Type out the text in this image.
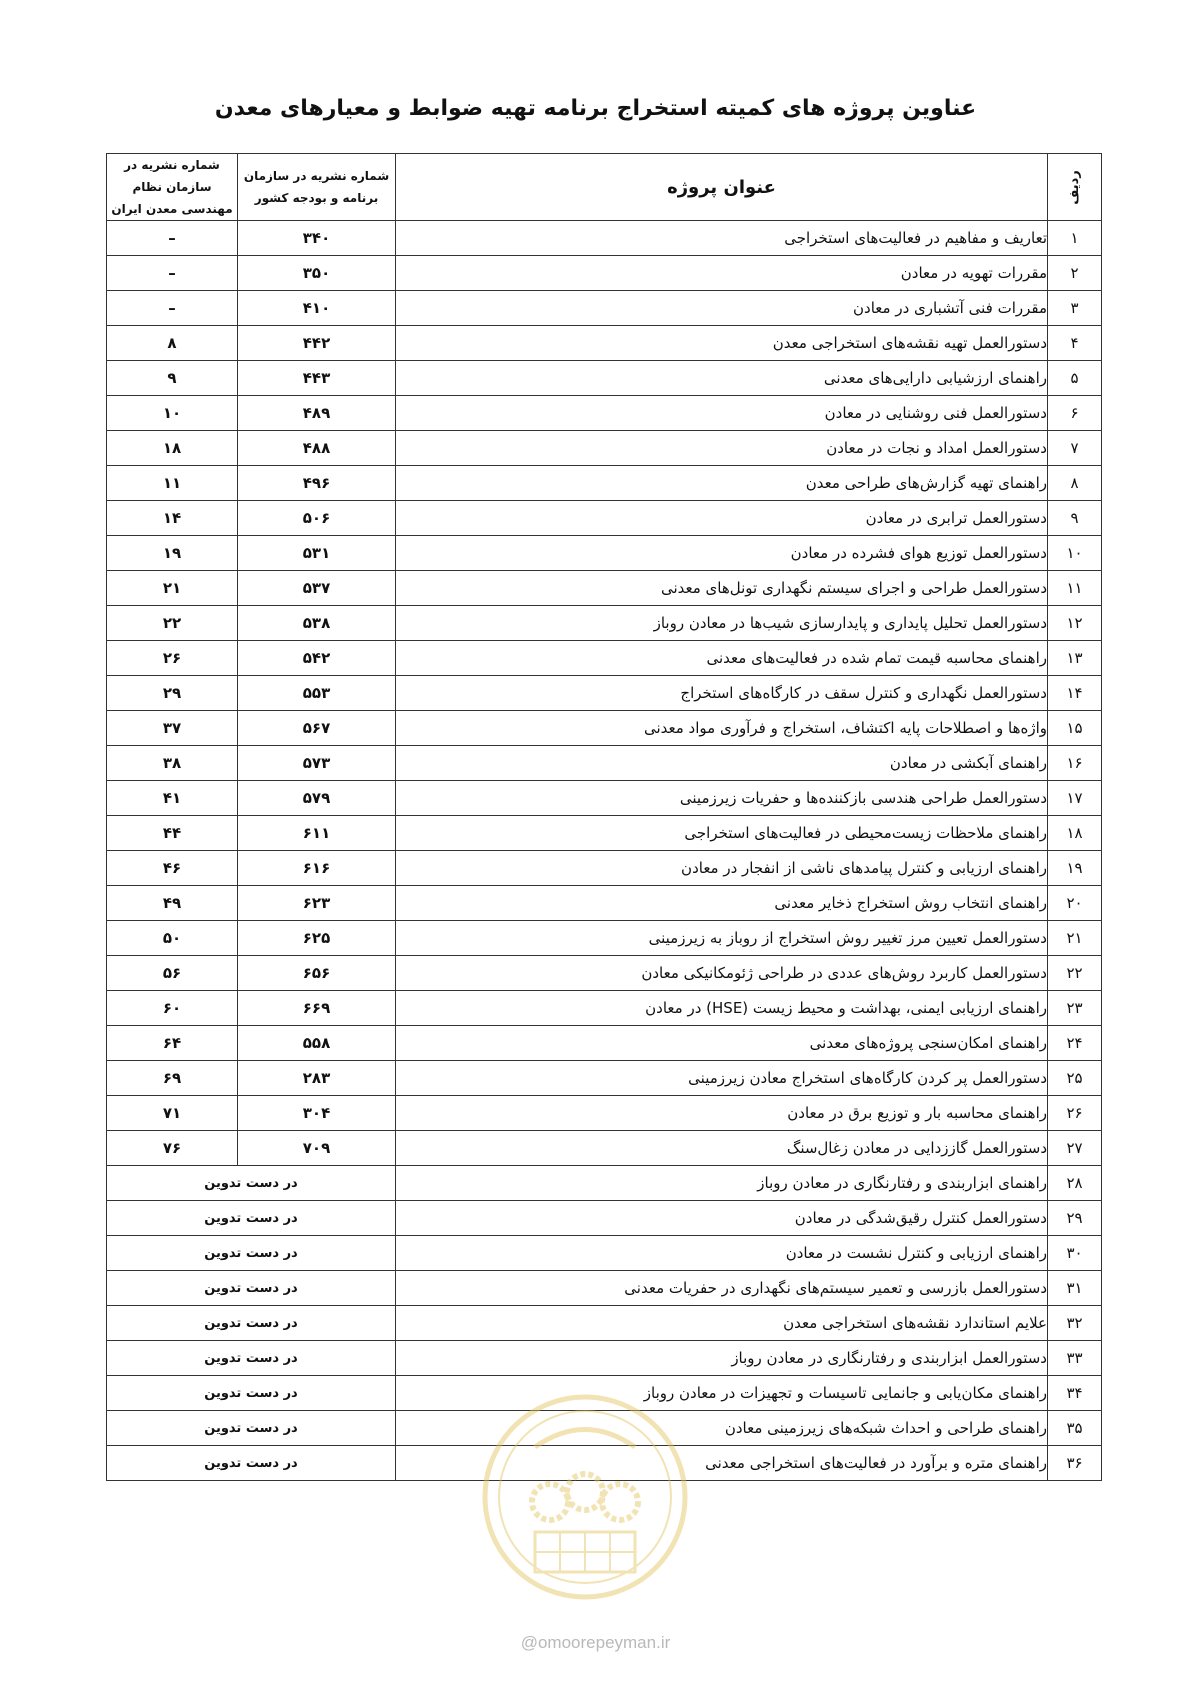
عناوین پروژه های کمیته استخراج برنامه تهیه ضوابط و معیارهای معدن
ردیف	عنوان پروژه	شماره نشریه در سازمان برنامه و بودجه کشور	شماره نشریه در سازمان نظام مهندسی معدن ایران
۱	تعاریف و مفاهیم در فعالیت‌های استخراجی	۳۴۰	–
۲	مقررات تهویه در معادن	۳۵۰	–
۳	مقررات فنی آتشباری در معادن	۴۱۰	–
۴	دستورالعمل تهیه نقشه‌های استخراجی معدن	۴۴۲	۸
۵	راهنمای ارزشیابی دارایی‌های معدنی	۴۴۳	۹
۶	دستورالعمل فنی روشنایی در معادن	۴۸۹	۱۰
۷	دستورالعمل امداد و نجات در معادن	۴۸۸	۱۸
۸	راهنمای تهیه گزارش‌های طراحی معدن	۴۹۶	۱۱
۹	دستورالعمل ترابری در معادن	۵۰۶	۱۴
۱۰	دستورالعمل توزیع هوای فشرده در معادن	۵۳۱	۱۹
۱۱	دستورالعمل طراحی و اجرای سیستم نگهداری تونل‌های معدنی	۵۳۷	۲۱
۱۲	دستورالعمل تحلیل پایداری و پایدارسازی شیب‌ها در معادن روباز	۵۳۸	۲۲
۱۳	راهنمای محاسبه قیمت تمام شده در فعالیت‌های معدنی	۵۴۲	۲۶
۱۴	دستورالعمل نگهداری و کنترل سقف در کارگاه‌های استخراج	۵۵۳	۲۹
۱۵	واژه‌ها و اصطلاحات پایه اکتشاف، استخراج و فرآوری مواد معدنی	۵۶۷	۳۷
۱۶	راهنمای آبکشی در معادن	۵۷۳	۳۸
۱۷	دستورالعمل طراحی هندسی بازکننده‌ها و حفریات زیرزمینی	۵۷۹	۴۱
۱۸	راهنمای ملاحظات زیست‌محیطی در فعالیت‌های استخراجی	۶۱۱	۴۴
۱۹	راهنمای ارزیابی و کنترل پیامدهای ناشی از انفجار در معادن	۶۱۶	۴۶
۲۰	راهنمای انتخاب روش استخراج ذخایر معدنی	۶۲۳	۴۹
۲۱	دستورالعمل تعیین مرز تغییر روش استخراج از روباز به زیرزمینی	۶۲۵	۵۰
۲۲	دستورالعمل کاربرد روش‌های عددی در طراحی ژئومکانیکی معادن	۶۵۶	۵۶
۲۳	راهنمای ارزیابی ایمنی، بهداشت و محیط زیست (HSE) در معادن	۶۶۹	۶۰
۲۴	راهنمای امکان‌سنجی پروژه‌های معدنی	۵۵۸	۶۴
۲۵	دستورالعمل پر کردن کارگاه‌های استخراج معادن زیرزمینی	۲۸۳	۶۹
۲۶	راهنمای محاسبه بار و توزیع برق در معادن	۳۰۴	۷۱
۲۷	دستورالعمل گاززدایی در معادن زغال‌سنگ	۷۰۹	۷۶
۲۸	راهنمای ابزاربندی و رفتارنگاری در معادن روباز	در دست تدوین	
۲۹	دستورالعمل کنترل رقیق‌شدگی در معادن	در دست تدوین	
۳۰	راهنمای ارزیابی و کنترل نشست در معادن	در دست تدوین	
۳۱	دستورالعمل بازرسی و تعمیر سیستم‌های نگهداری در حفریات معدنی	در دست تدوین	
۳۲	علایم استاندارد نقشه‌های استخراجی معدن	در دست تدوین	
۳۳	دستورالعمل ابزاربندی و رفتارنگاری در معادن روباز	در دست تدوین	
۳۴	راهنمای مکان‌یابی و جانمایی تاسیسات و تجهیزات در معادن روباز	در دست تدوین	
۳۵	راهنمای طراحی و احداث شبکه‌های زیرزمینی معادن	در دست تدوین	
۳۶	راهنمای متره و برآورد در فعالیت‌های استخراجی معدنی	در دست تدوین	
@omoorepeyman.ir
